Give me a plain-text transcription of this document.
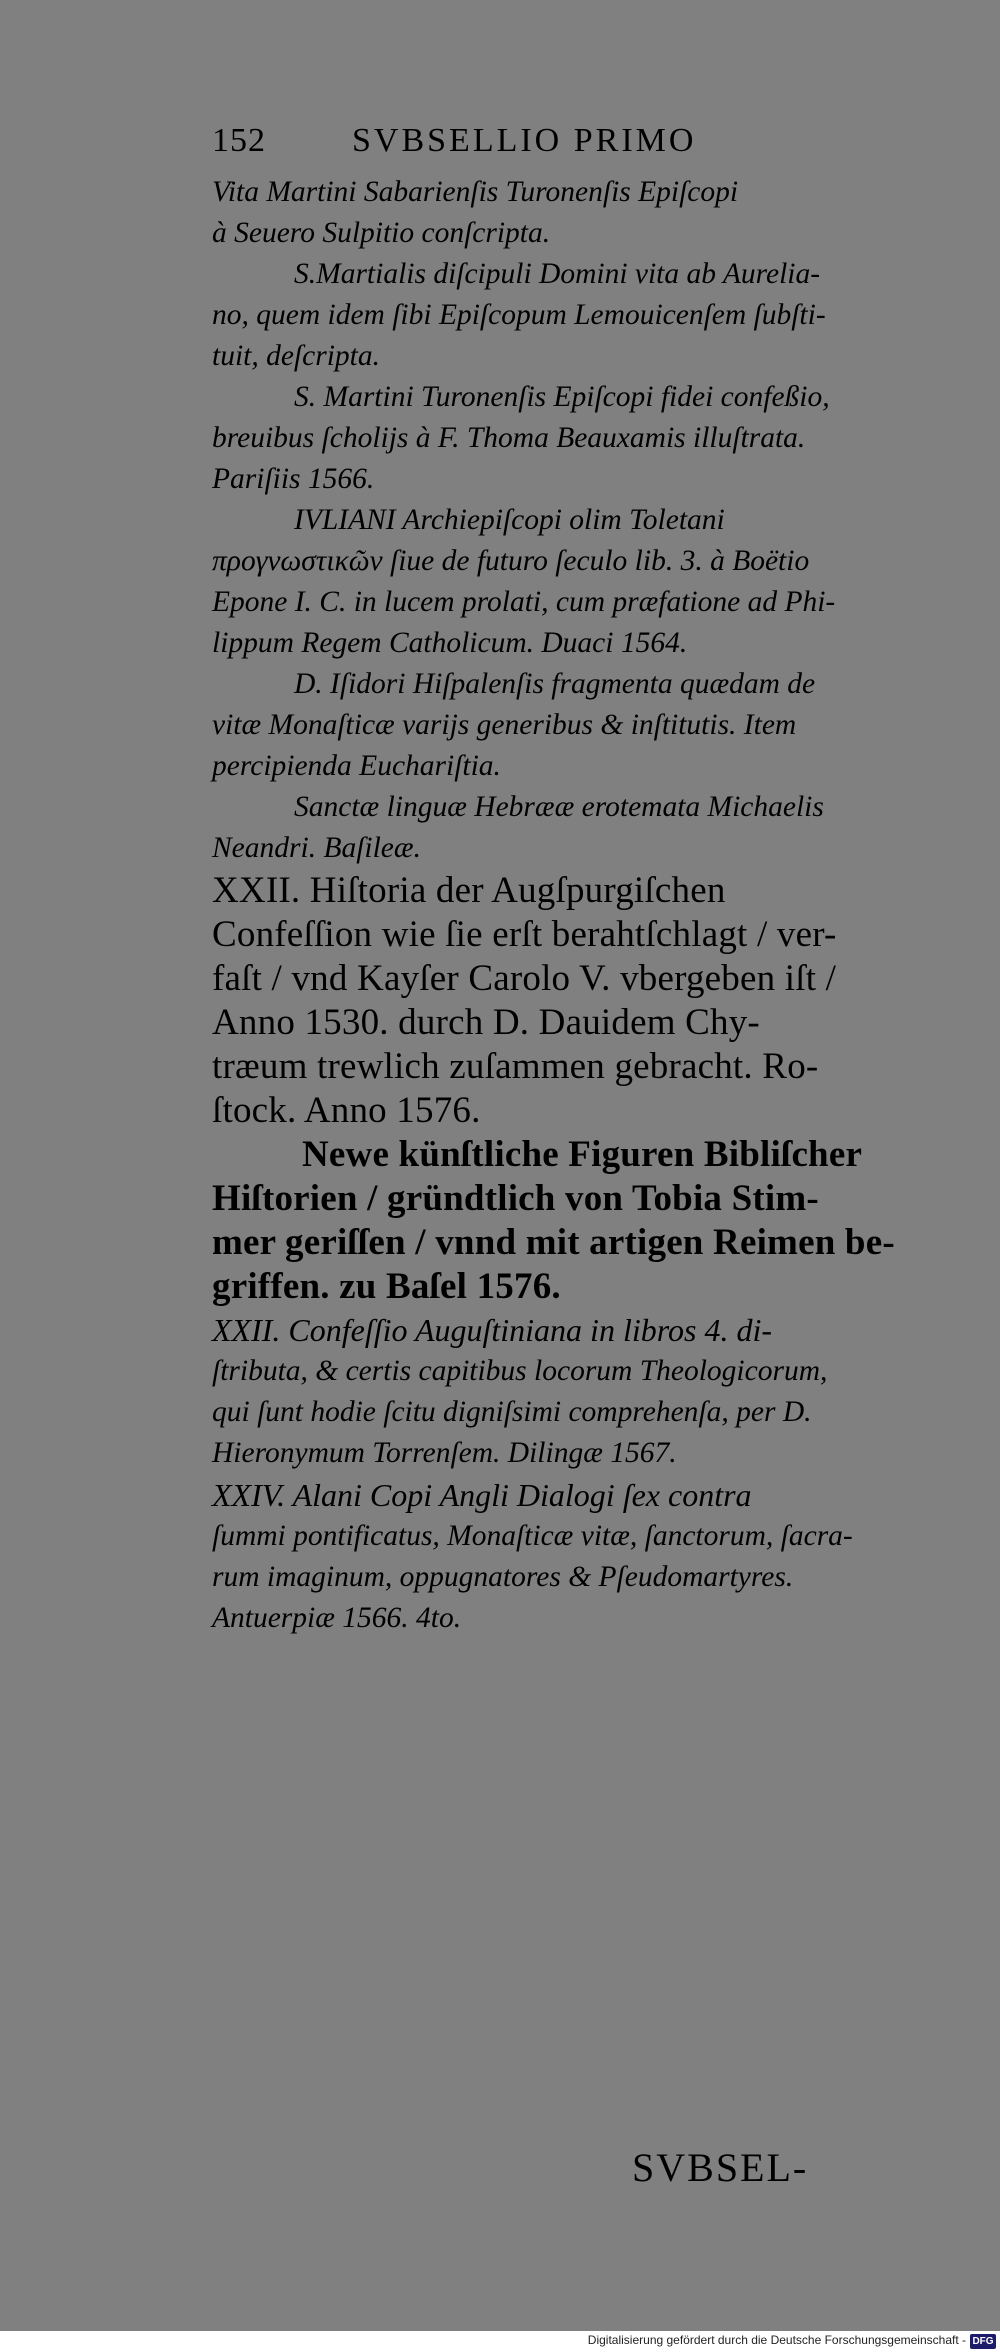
152	SVBSELLIO PRIMO
Vita Martini Sabarienſis Turonenſis Epiſcopi
à Seuero Sulpitio conſcripta.
S.Martialis diſcipuli Domini vita ab Aurelia-
no, quem idem ſibi Epiſcopum Lemouicenſem ſubſti-
tuit, deſcripta.
S. Martini Turonenſis Epiſcopi fidei confeßio,
breuibus ſcholijs à F. Thoma Beauxamis illuſtrata.
Pariſiis 1566.
IVLIANI Archiepiſcopi olim Toletani
προγνωστικῶν ſiue de futuro ſeculo lib. 3. à Boëtio
Epone I. C. in lucem prolati, cum præfatione ad Phi-
lippum Regem Catholicum. Duaci 1564.
D. Iſidori Hiſpalenſis fragmenta quædam de
vitæ Monaſticæ varijs generibus & inſtitutis. Item
percipienda Euchariſtia.
Sanctæ linguæ Hebrææ erotemata Michaelis
Neandri. Baſileæ.
XXII. Hiſtoria der Augſpurgiſchen
Confeſſion wie ſie erſt berahtſchlagt / ver-
faſt / vnd Kayſer Carolo V. vbergeben iſt /
Anno 1530. durch D. Dauidem Chy-
træum trewlich zuſammen gebracht. Ro-
ſtock. Anno 1576.
Newe künſtliche Figuren Bibliſcher
Hiſtorien / gründtlich von Tobia Stim-
mer geriſſen / vnnd mit artigen Reimen be-
griffen. zu Baſel 1576.
XXII. Confeſſio Auguſtiniana in libros 4. di-
ſtributa, & certis capitibus locorum Theologicorum,
qui ſunt hodie ſcitu digniſsimi comprehenſa, per D.
Hieronymum Torrenſem. Dilingæ 1567.
XXIV. Alani Copi Angli Dialogi ſex contra
ſummi pontificatus, Monaſticæ vitæ, ſanctorum, ſacra-
rum imaginum, oppugnatores & Pſeudomartyres.
Antuerpiæ 1566. 4to.
SVBSEL-
Digitalisierung gefördert durch die Deutsche Forschungsgemeinschaft - DFG
